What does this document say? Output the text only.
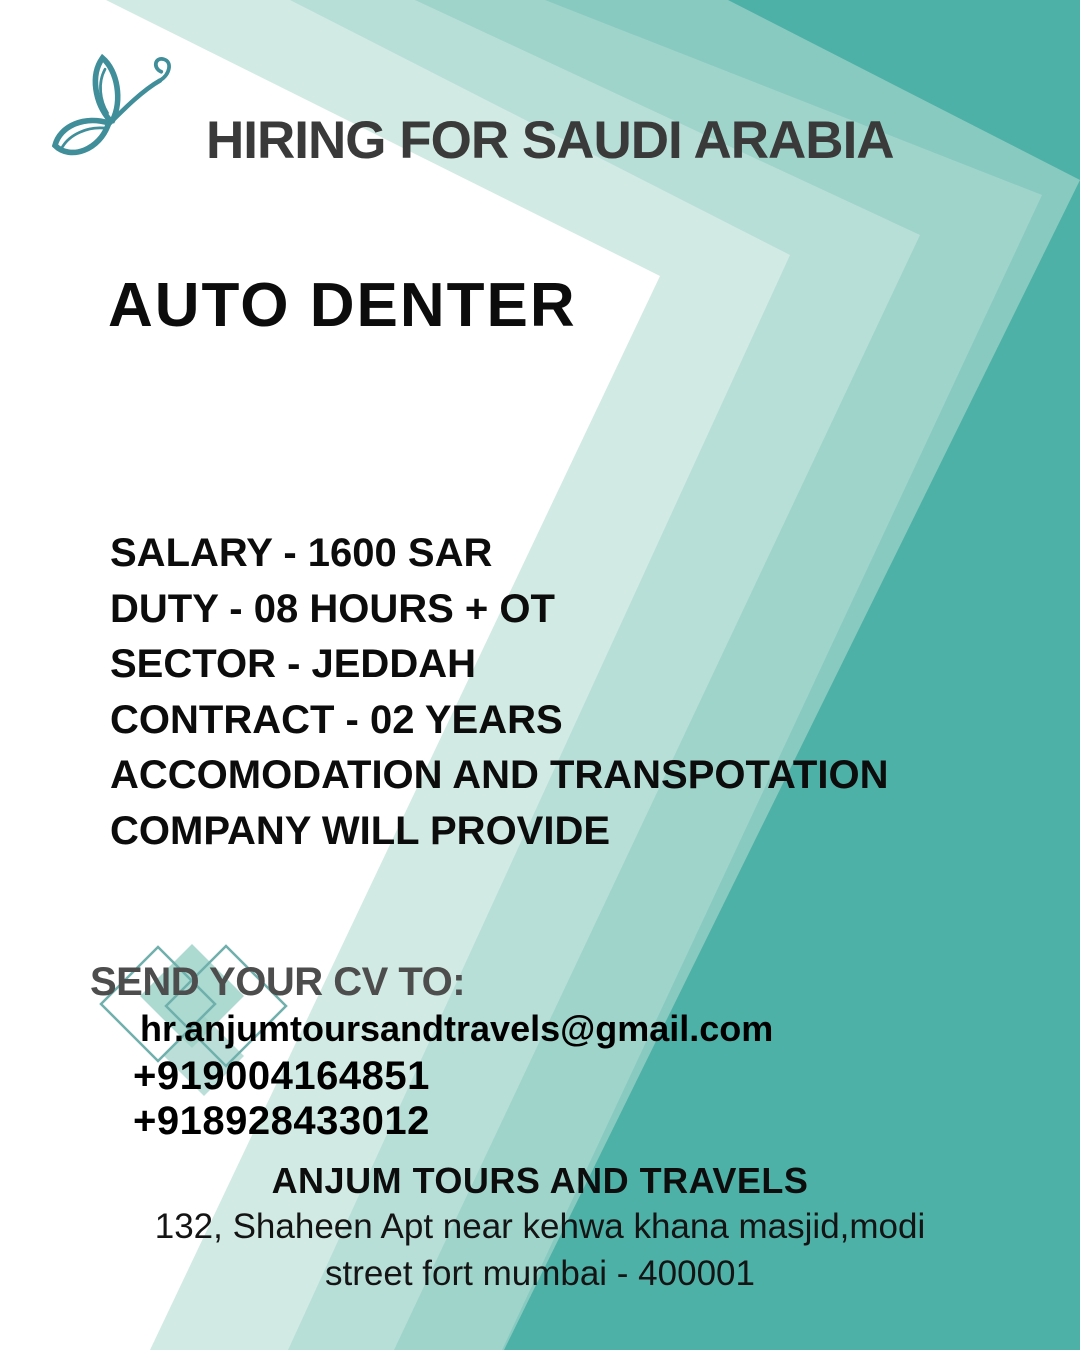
HIRING FOR SAUDI ARABIA
AUTO DENTER
SALARY - 1600 SAR
DUTY - 08 HOURS + OT
SECTOR - JEDDAH
CONTRACT - 02 YEARS
ACCOMODATION AND TRANSPOTATION
COMPANY WILL PROVIDE
SEND YOUR CV TO:
hr.anjumtoursandtravels@gmail.com
+919004164851
+918928433012
ANJUM TOURS AND TRAVELS
132, Shaheen Apt near kehwa khana masjid,modi
street fort mumbai - 400001
